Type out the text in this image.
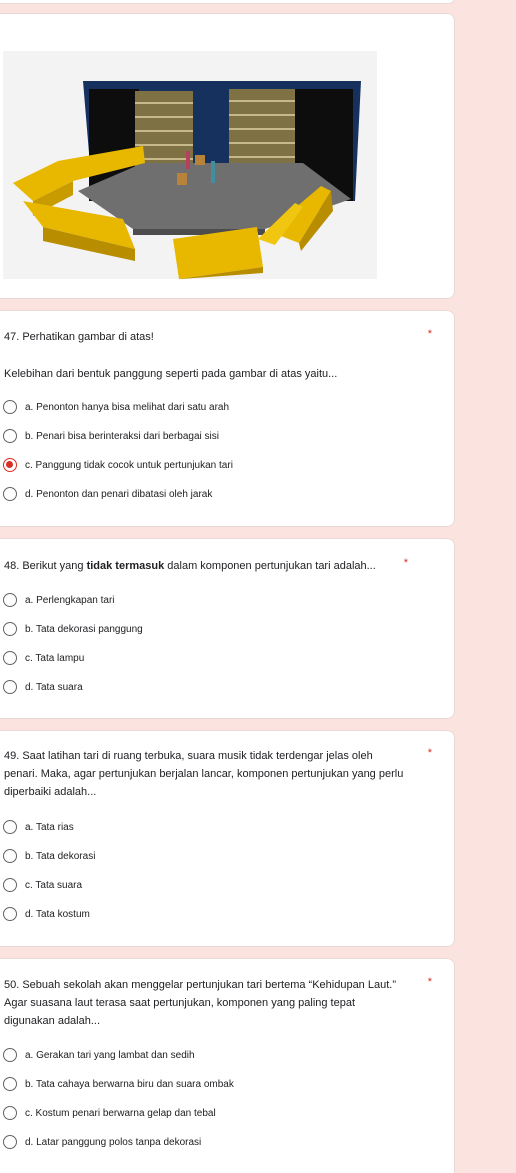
47. Perhatikan gambar di atas!	*
Kelebihan dari bentuk panggung seperti pada gambar di atas yaitu...
a. Penonton hanya bisa melihat dari satu arah
b. Penari bisa berinteraksi dari berbagai sisi
c. Panggung tidak cocok untuk pertunjukan tari
d. Penonton dan penari dibatasi oleh jarak
48. Berikut yang tidak termasuk dalam komponen pertunjukan tari adalah...	*
a. Perlengkapan tari
b. Tata dekorasi panggung
c. Tata lampu
d. Tata suara
49. Saat latihan tari di ruang terbuka, suara musik tidak terdengar jelas oleh
penari. Maka, agar pertunjukan berjalan lancar, komponen pertunjukan yang perlu
diperbaiki adalah...
*
a. Tata rias
b. Tata dekorasi
c. Tata suara
d. Tata kostum
50. Sebuah sekolah akan menggelar pertunjukan tari bertema “Kehidupan Laut.”
Agar suasana laut terasa saat pertunjukan, komponen yang paling tepat
digunakan adalah...
*
a. Gerakan tari yang lambat dan sedih
b. Tata cahaya berwarna biru dan suara ombak
c. Kostum penari berwarna gelap dan tebal
d. Latar panggung polos tanpa dekorasi
